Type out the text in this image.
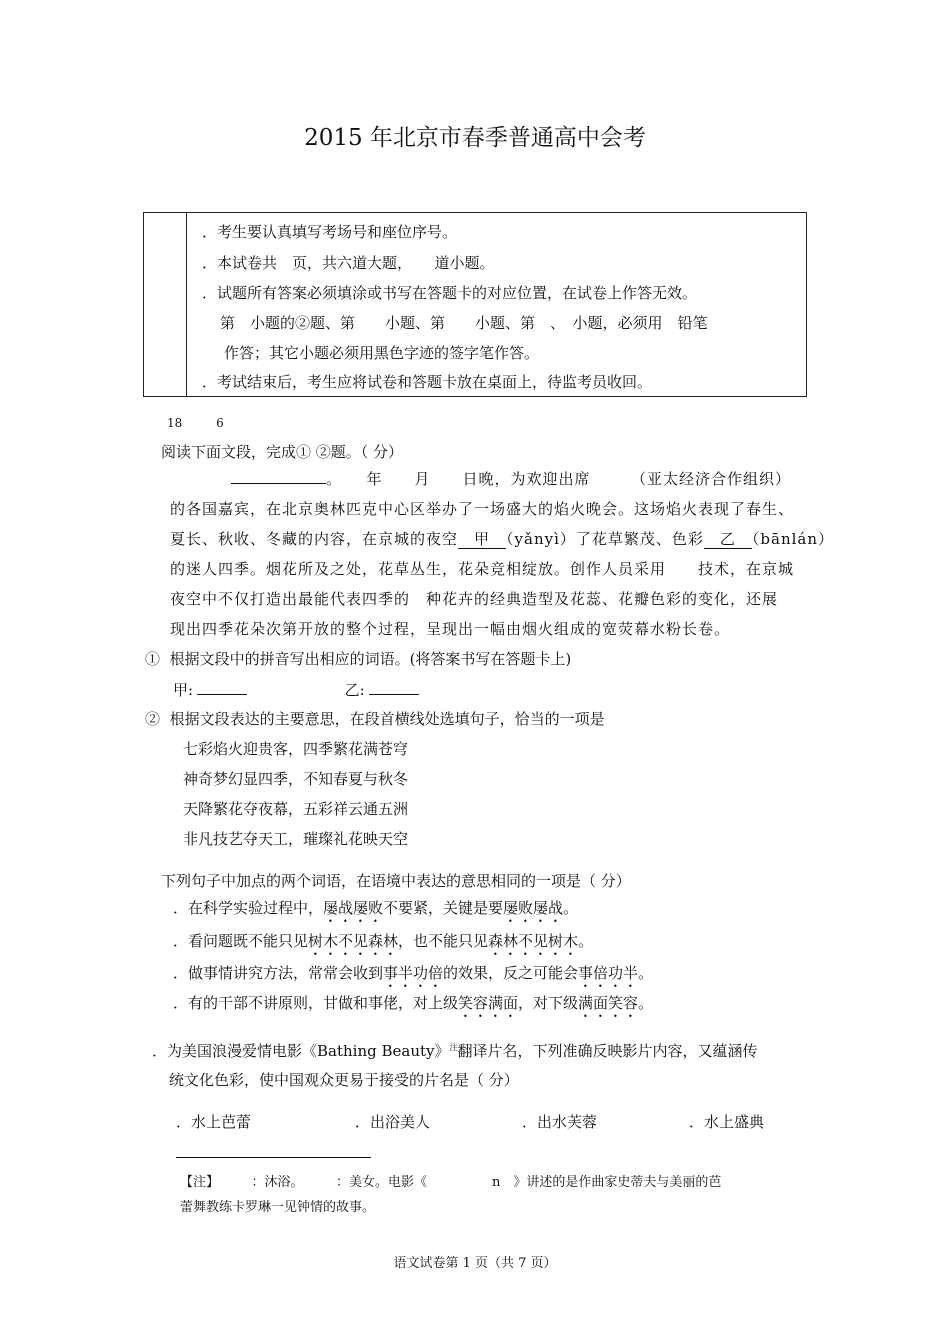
2015 年北京市春季普通高中会考
．考生要认真填写考场号和座位序号。
．本试卷共　页，共六道大题，　　道小题。
．试题所有答案必须填涂或书写在答题卡的对应位置，在试卷上作答无效。
第　小题的②题、第　　小题、第　　小题、第　、　小题，必须用　铅笔
作答；其它小题必须用黑色字迹的签字笔作答。
．考试结束后，考生应将试卷和答题卡放在桌面上，待监考员收回。
18	6
阅读下面文段，完成① ②题。（ 分）
。　　年　　月　　日晚，为欢迎出席　　　（亚太经济合作组织）
的各国嘉宾，在北京奥林匹克中心区举办了一场盛大的焰火晚会。这场焰火表现了春生、
夏长、秋收、冬藏的内容，在京城的夜空　甲　（yǎnyì）了花草繁茂、色彩　乙　（bānlán）
的迷人四季。烟花所及之处，花草丛生，花朵竞相绽放。创作人员采用　　技术，在京城
夜空中不仅打造出最能代表四季的　种花卉的经典造型及花蕊、花瓣色彩的变化，还展
现出四季花朵次第开放的整个过程，呈现出一幅由烟火组成的宽荧幕水粉长卷。
① 根据文段中的拼音写出相应的词语。(将答案书写在答题卡上)
甲:	乙:
② 根据文段表达的主要意思，在段首横线处选填句子，恰当的一项是
七彩焰火迎贵客，四季繁花满苍穹
神奇梦幻显四季，不知春夏与秋冬
天降繁花夺夜幕，五彩祥云通五洲
非凡技艺夺天工，璀璨礼花映天空
下列句子中加点的两个词语，在语境中表达的意思相同的一项是（ 分）
．在科学实验过程中，屡战屡败不要紧，关键是要屡败屡战。
．看问题既不能只见树木不见森林，也不能只见森林不见树木。
．做事情讲究方法，常常会收到事半功倍的效果，反之可能会事倍功半。
．有的干部不讲原则，甘做和事佬，对上级笑容满面，对下级满面笑容。
．为美国浪漫爱情电影《Bathing Beauty》$^注$翻译片名，下列准确反映影片内容，又蕴涵传
统文化色彩，使中国观众更易于接受的片名是（ 分）
．水上芭蕾	．出浴美人	．出水芙蓉	．水上盛典
【注】　　　：沐浴。　　　：美女。电影《　　　　　n　》讲述的是作曲家史蒂夫与美丽的芭
蕾舞教练卡罗琳一见钟情的故事。
语文试卷第 1 页（共 7 页）
